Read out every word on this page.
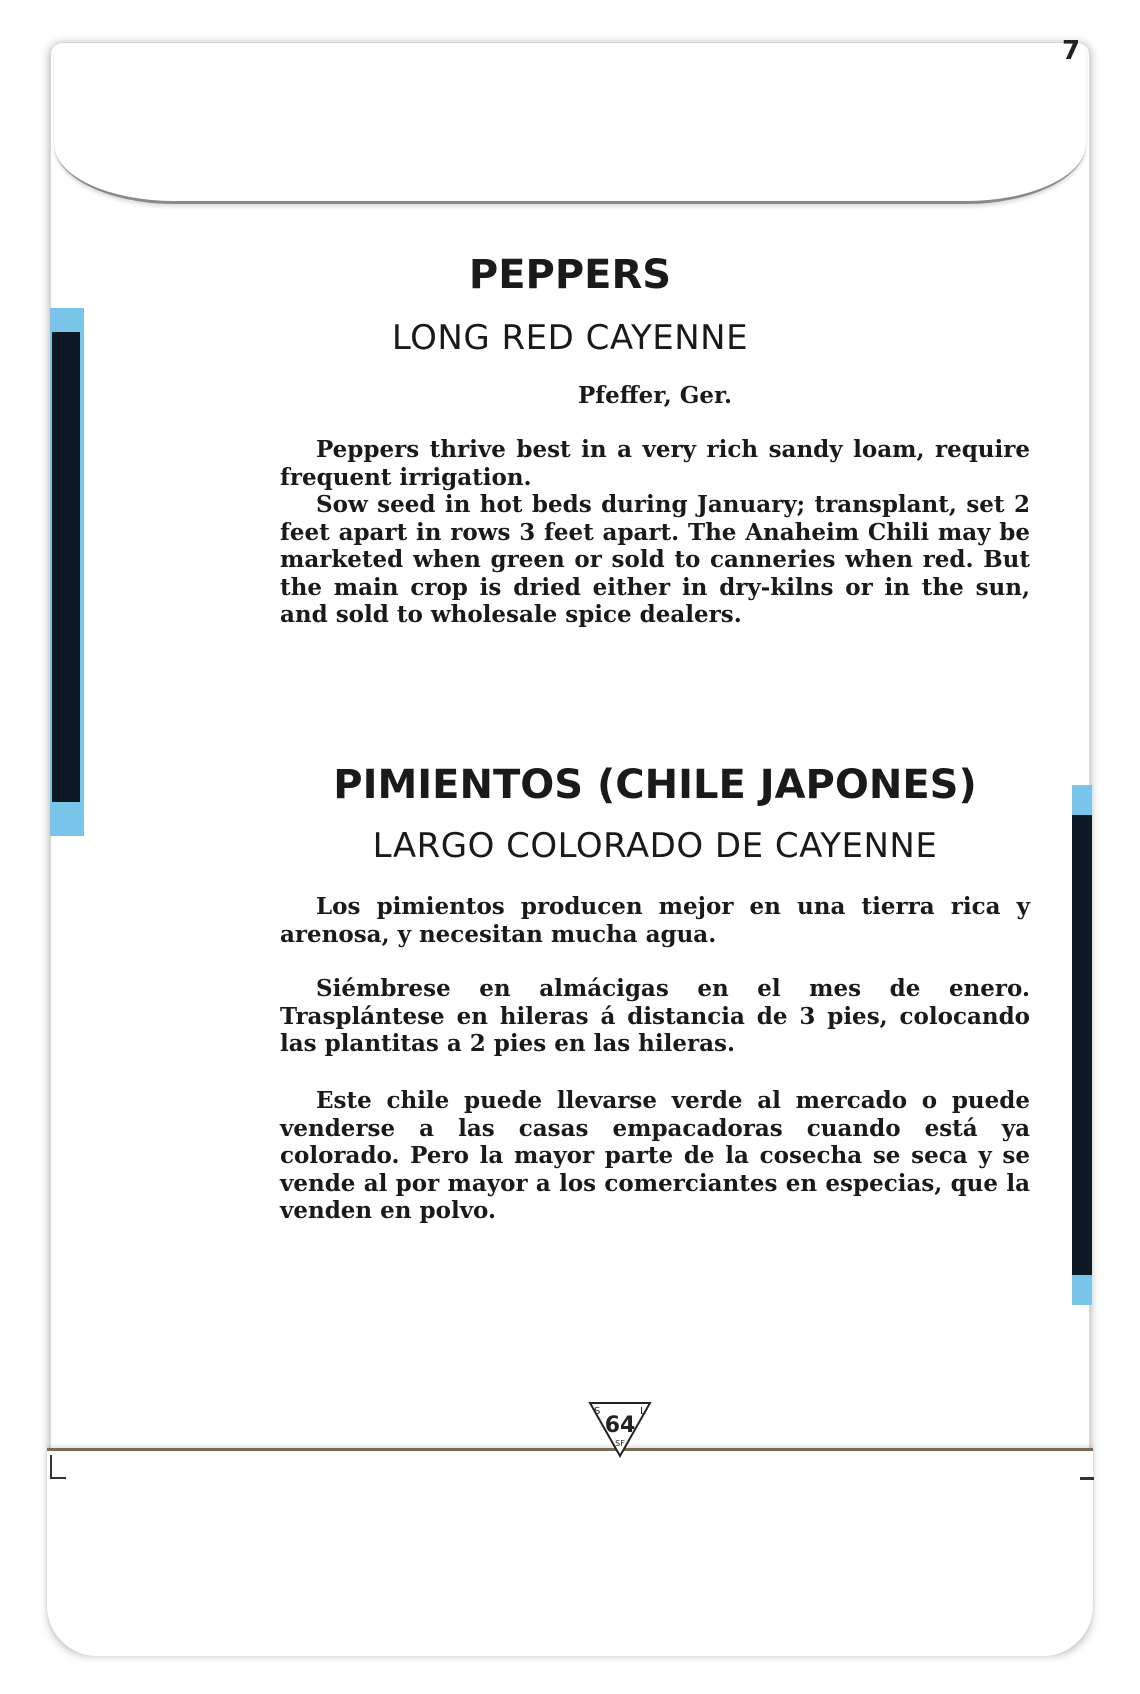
7
PEPPERS
LONG RED CAYENNE
Pfeffer, Ger.
Peppers thrive best in a very rich sandy loam, require frequent irrigation.
Sow seed in hot beds during January; transplant, set 2 feet apart in rows 3 feet apart. The Anaheim Chili may be marketed when green or sold to canneries when red. But the main crop is dried either in dry-kilns or in the sun, and sold to wholesale spice dealers.
PIMIENTOS (CHILE JAPONES)
LARGO COLORADO DE CAYENNE
Los pimientos producen mejor en una tierra rica y arenosa, y necesitan mucha agua.
Siémbrese en almácigas en el mes de enero. Trasplántese en hileras á distancia de 3 pies, colocando las plantitas a 2 pies en las hileras.
Este chile puede llevarse verde al mercado o puede venderse a las casas empacadoras cuando está ya colorado. Pero la mayor parte de la cosecha se seca y se vende al por mayor a los comerciantes en especias, que la venden en polvo.
S	L
64
SF
